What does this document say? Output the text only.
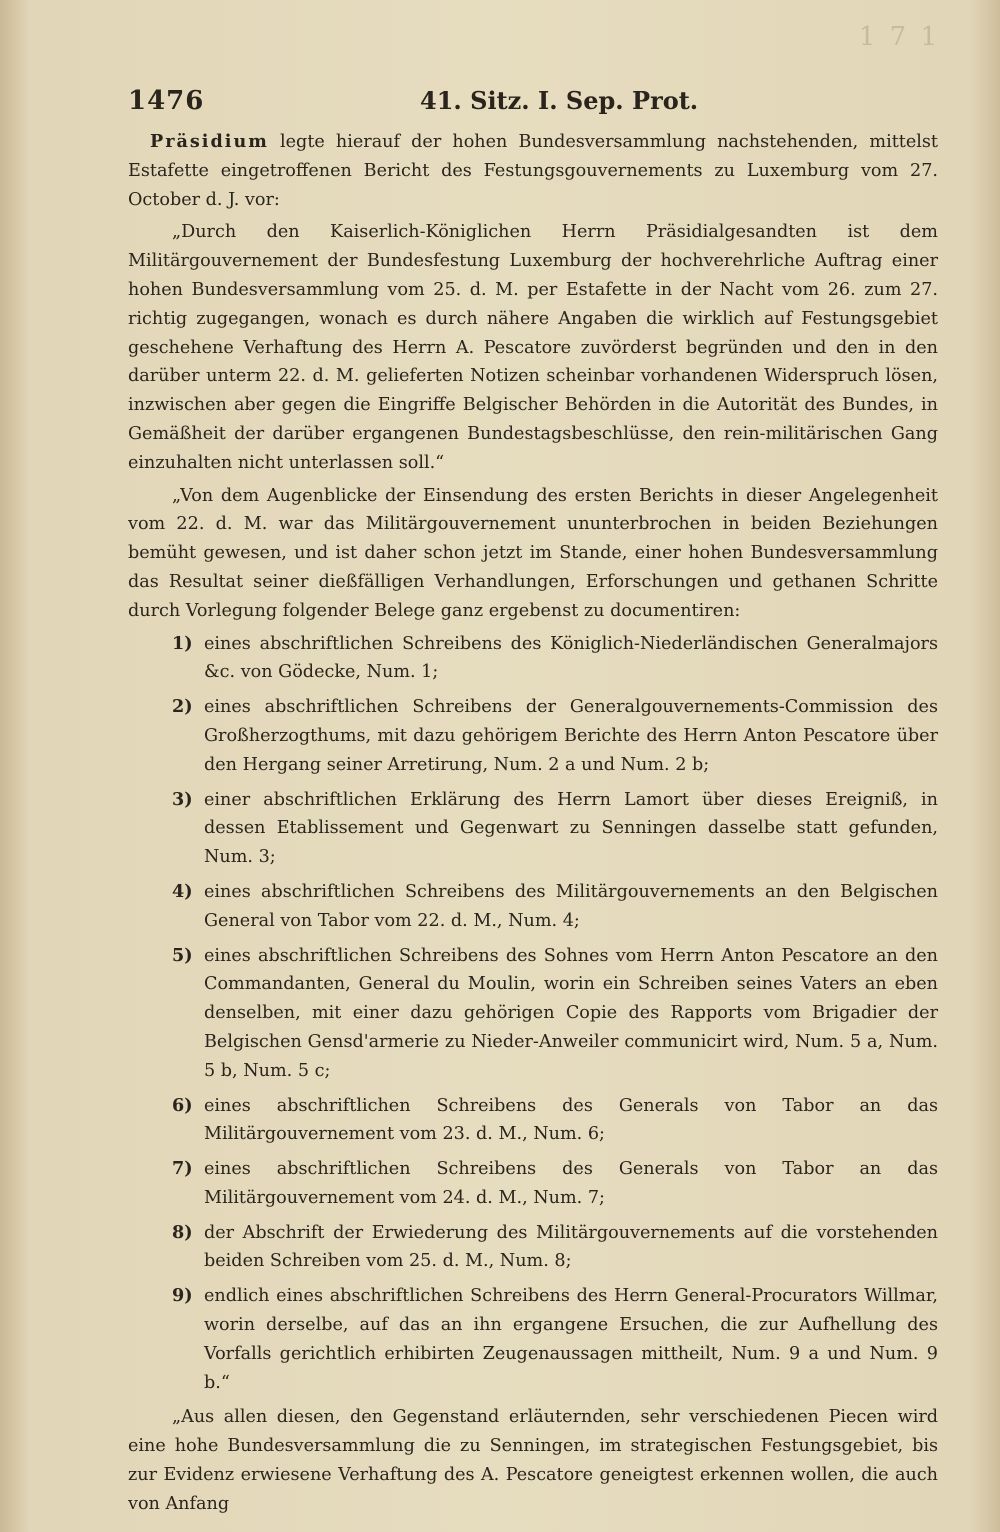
1 7 1
1476	41. Sitz. I. Sep. Prot.

Präsidium legte hierauf der hohen Bundesversammlung nachstehenden, mittelst Estafette eingetroffenen Bericht des Festungsgouvernements zu Luxemburg vom 27. October d. J. vor:

„Durch den Kaiserlich-Königlichen Herrn Präsidialgesandten ist dem Militärgouvernement der Bundesfestung Luxemburg der hochverehrliche Auftrag einer hohen Bundesversammlung vom 25. d. M. per Estafette in der Nacht vom 26. zum 27. richtig zugegangen, wonach es durch nähere Angaben die wirklich auf Festungsgebiet geschehene Verhaftung des Herrn A. Pescatore zuvörderst begründen und den in den darüber unterm 22. d. M. gelieferten Notizen scheinbar vorhandenen Widerspruch lösen, inzwischen aber gegen die Eingriffe Belgischer Behörden in die Autorität des Bundes, in Gemäßheit der darüber ergangenen Bundestagsbeschlüsse, den rein-militärischen Gang einzuhalten nicht unterlassen soll.“

„Von dem Augenblicke der Einsendung des ersten Berichts in dieser Angelegenheit vom 22. d. M. war das Militärgouvernement ununterbrochen in beiden Beziehungen bemüht gewesen, und ist daher schon jetzt im Stande, einer hohen Bundesversammlung das Resultat seiner dießfälligen Verhandlungen, Erforschungen und gethanen Schritte durch Vorlegung folgender Belege ganz ergebenst zu documentiren:

1) eines abschriftlichen Schreibens des Königlich-Niederländischen Generalmajors &c. von Gödecke, Num. 1;
2) eines abschriftlichen Schreibens der Generalgouvernements-Commission des Großherzogthums, mit dazu gehörigem Berichte des Herrn Anton Pescatore über den Hergang seiner Arretirung, Num. 2 a und Num. 2 b;
3) einer abschriftlichen Erklärung des Herrn Lamort über dieses Ereigniß, in dessen Etablissement und Gegenwart zu Senningen dasselbe statt gefunden, Num. 3;
4) eines abschriftlichen Schreibens des Militärgouvernements an den Belgischen General von Tabor vom 22. d. M., Num. 4;
5) eines abschriftlichen Schreibens des Sohnes vom Herrn Anton Pescatore an den Commandanten, General du Moulin, worin ein Schreiben seines Vaters an eben denselben, mit einer dazu gehörigen Copie des Rapports vom Brigadier der Belgischen Gensd'armerie zu Nieder-Anweiler communicirt wird, Num. 5 a, Num. 5 b, Num. 5 c;
6) eines abschriftlichen Schreibens des Generals von Tabor an das Militärgouvernement vom 23. d. M., Num. 6;
7) eines abschriftlichen Schreibens des Generals von Tabor an das Militärgouvernement vom 24. d. M., Num. 7;
8) der Abschrift der Erwiederung des Militärgouvernements auf die vorstehenden beiden Schreiben vom 25. d. M., Num. 8;
9) endlich eines abschriftlichen Schreibens des Herrn General-Procurators Willmar, worin derselbe, auf das an ihn ergangene Ersuchen, die zur Aufhellung des Vorfalls gerichtlich erhibirten Zeugenaussagen mittheilt, Num. 9 a und Num. 9 b.“

„Aus allen diesen, den Gegenstand erläuternden, sehr verschiedenen Piecen wird eine hohe Bundesversammlung die zu Senningen, im strategischen Festungsgebiet, bis zur Evidenz erwiesene Verhaftung des A. Pescatore geneigtest erkennen wollen, die auch von Anfang
